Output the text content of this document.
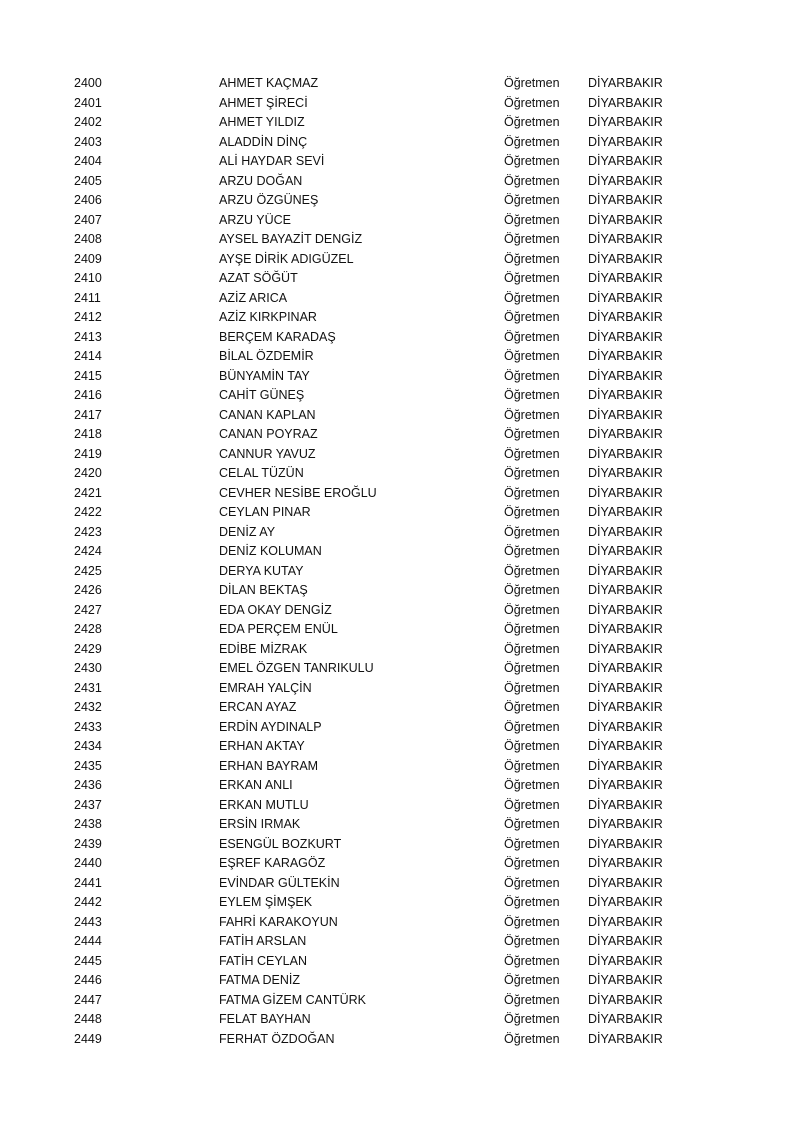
2400	AHMET KAÇMAZ	Öğretmen DİYARBAKIR
2401	AHMET ŞİRECİ	Öğretmen DİYARBAKIR
2402	AHMET YILDIZ	Öğretmen DİYARBAKIR
2403	ALADDİN DİNÇ	Öğretmen DİYARBAKIR
2404	ALİ HAYDAR SEVİ	Öğretmen DİYARBAKIR
2405	ARZU DOĞAN	Öğretmen DİYARBAKIR
2406	ARZU ÖZGÜNEŞ	Öğretmen DİYARBAKIR
2407	ARZU YÜCE	Öğretmen DİYARBAKIR
2408	AYSEL BAYAZİT DENGİZ	Öğretmen DİYARBAKIR
2409	AYŞE DİRİK ADIGÜZEL	Öğretmen DİYARBAKIR
2410	AZAT SÖĞÜT	Öğretmen DİYARBAKIR
2411	AZİZ ARICA	Öğretmen DİYARBAKIR
2412	AZİZ KIRKPINAR	Öğretmen DİYARBAKIR
2413	BERÇEM KARADAŞ	Öğretmen DİYARBAKIR
2414	BİLAL ÖZDEMİR	Öğretmen DİYARBAKIR
2415	BÜNYAMİN TAY	Öğretmen DİYARBAKIR
2416	CAHİT GÜNEŞ	Öğretmen DİYARBAKIR
2417	CANAN KAPLAN	Öğretmen DİYARBAKIR
2418	CANAN POYRAZ	Öğretmen DİYARBAKIR
2419	CANNUR YAVUZ	Öğretmen DİYARBAKIR
2420	CELAL TÜZÜN	Öğretmen DİYARBAKIR
2421	CEVHER NESİBE EROĞLU	Öğretmen DİYARBAKIR
2422	CEYLAN PINAR	Öğretmen DİYARBAKIR
2423	DENİZ AY	Öğretmen DİYARBAKIR
2424	DENİZ KOLUMAN	Öğretmen DİYARBAKIR
2425	DERYA KUTAY	Öğretmen DİYARBAKIR
2426	DİLAN BEKTAŞ	Öğretmen DİYARBAKIR
2427	EDA OKAY DENGİZ	Öğretmen DİYARBAKIR
2428	EDA PERÇEM ENÜL	Öğretmen DİYARBAKIR
2429	EDİBE MİZRAK	Öğretmen DİYARBAKIR
2430	EMEL ÖZGEN TANRIKULU	Öğretmen DİYARBAKIR
2431	EMRAH YALÇİN	Öğretmen DİYARBAKIR
2432	ERCAN AYAZ	Öğretmen DİYARBAKIR
2433	ERDİN AYDINALP	Öğretmen DİYARBAKIR
2434	ERHAN AKTAY	Öğretmen DİYARBAKIR
2435	ERHAN BAYRAM	Öğretmen DİYARBAKIR
2436	ERKAN ANLI	Öğretmen DİYARBAKIR
2437	ERKAN MUTLU	Öğretmen DİYARBAKIR
2438	ERSİN IRMAK	Öğretmen DİYARBAKIR
2439	ESENGÜL BOZKURT	Öğretmen DİYARBAKIR
2440	EŞREF KARAGÖZ	Öğretmen DİYARBAKIR
2441	EVİNDAR GÜLTEKİN	Öğretmen DİYARBAKIR
2442	EYLEM ŞİMŞEK	Öğretmen DİYARBAKIR
2443	FAHRİ KARAKOYUN	Öğretmen DİYARBAKIR
2444	FATİH ARSLAN	Öğretmen DİYARBAKIR
2445	FATİH CEYLAN	Öğretmen DİYARBAKIR
2446	FATMA DENİZ	Öğretmen DİYARBAKIR
2447	FATMA GİZEM CANTÜRK	Öğretmen DİYARBAKIR
2448	FELAT BAYHAN	Öğretmen DİYARBAKIR
2449	FERHAT ÖZDOĞAN	Öğretmen DİYARBAKIR
